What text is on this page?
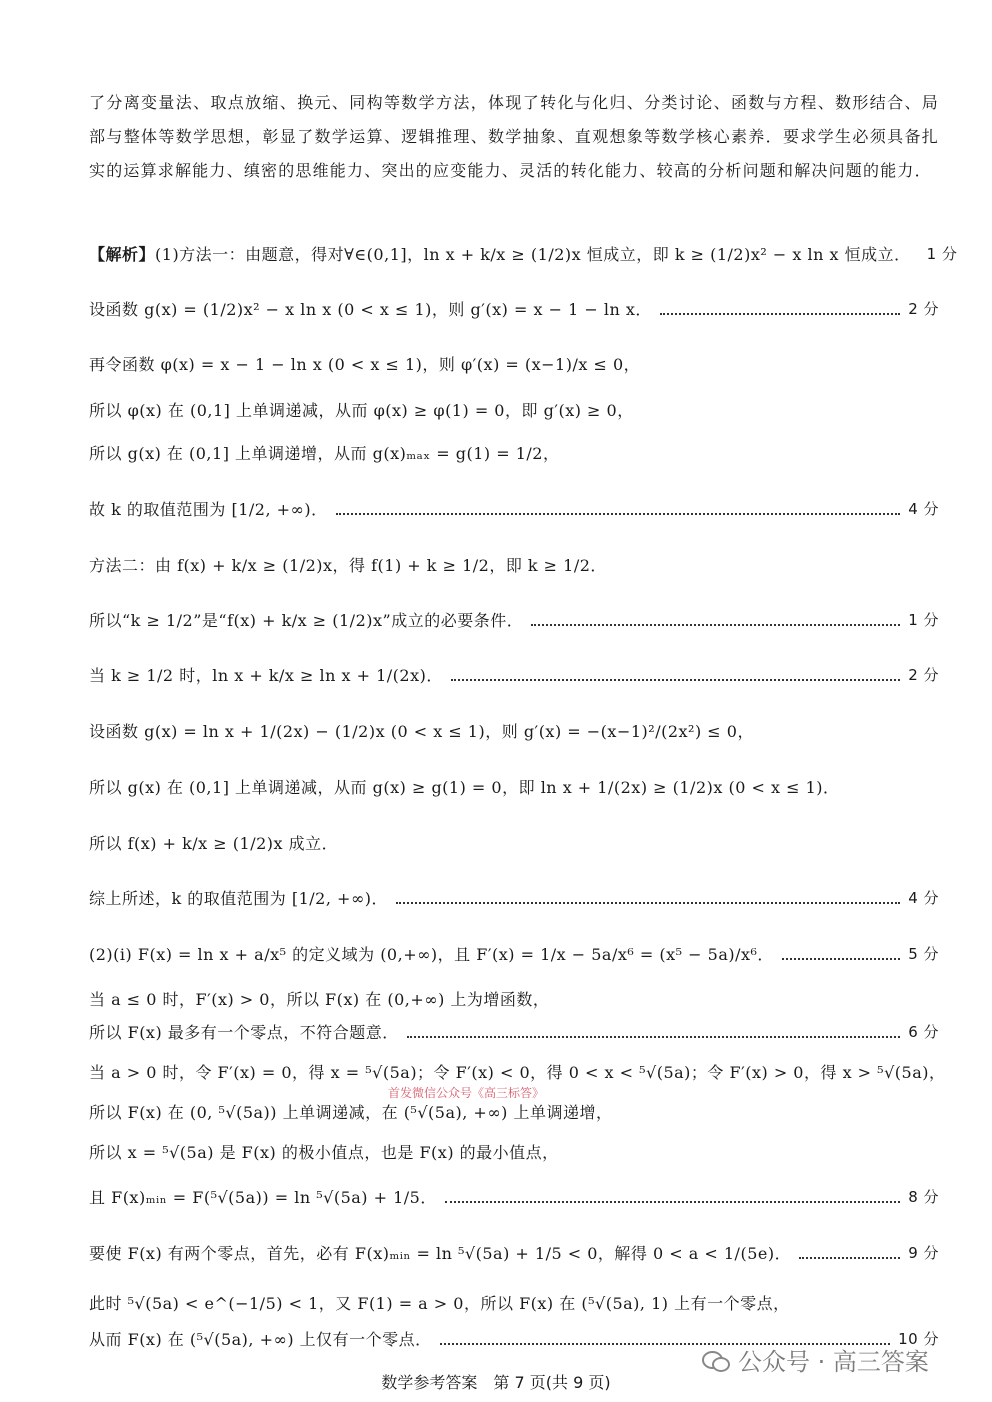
了分离变量法、取点放缩、换元、同构等数学方法，体现了转化与化归、分类讨论、函数与方程、数形结合、局部与整体等数学思想，彰显了数学运算、逻辑推理、数学抽象、直观想象等数学核心素养．要求学生必须具备扎实的运算求解能力、缜密的思维能力、突出的应变能力、灵活的转化能力、较高的分析问题和解决问题的能力．
【解析】 (1)方法一：由题意，得对∀∈(0,1]，ln x + k/x ≥ (1/2)x 恒成立，即 k ≥ (1/2)x² − x ln x 恒成立． 1 分
设函数 g(x) = (1/2)x² − x ln x (0 < x ≤ 1)，则 g′(x) = x − 1 − ln x．	2 分
再令函数 φ(x) = x − 1 − ln x (0 < x ≤ 1)，则 φ′(x) = (x−1)/x ≤ 0，
所以 φ(x) 在 (0,1] 上单调递减，从而 φ(x) ≥ φ(1) = 0，即 g′(x) ≥ 0，
所以 g(x) 在 (0,1] 上单调递增，从而 g(x)ₘₐₓ = g(1) = 1/2，
故 k 的取值范围为 [1/2, +∞)．	4 分
方法二：由 f(x) + k/x ≥ (1/2)x，得 f(1) + k ≥ 1/2，即 k ≥ 1/2．
所以“k ≥ 1/2”是“f(x) + k/x ≥ (1/2)x”成立的必要条件．	1 分
当 k ≥ 1/2 时，ln x + k/x ≥ ln x + 1/(2x)．	2 分
设函数 g(x) = ln x + 1/(2x) − (1/2)x (0 < x ≤ 1)，则 g′(x) = −(x−1)²/(2x²) ≤ 0，
所以 g(x) 在 (0,1] 上单调递减，从而 g(x) ≥ g(1) = 0，即 ln x + 1/(2x) ≥ (1/2)x (0 < x ≤ 1)．
所以 f(x) + k/x ≥ (1/2)x 成立．
综上所述，k 的取值范围为 [1/2, +∞)．	4 分
(2)(i) F(x) = ln x + a/x⁵ 的定义域为 (0,+∞)，且 F′(x) = 1/x − 5a/x⁶ = (x⁵ − 5a)/x⁶．	5 分
当 a ≤ 0 时，F′(x) > 0，所以 F(x) 在 (0,+∞) 上为增函数，
所以 F(x) 最多有一个零点，不符合题意．	6 分
当 a > 0 时，令 F′(x) = 0，得 x = ⁵√(5a)；令 F′(x) < 0，得 0 < x < ⁵√(5a)；令 F′(x) > 0，得 x > ⁵√(5a)，
首发微信公众号《高三标答》
所以 F(x) 在 (0, ⁵√(5a)) 上单调递减，在 (⁵√(5a), +∞) 上单调递增，
所以 x = ⁵√(5a) 是 F(x) 的极小值点，也是 F(x) 的最小值点，
且 F(x)ₘᵢₙ = F(⁵√(5a)) = ln ⁵√(5a) + 1/5．	8 分
要使 F(x) 有两个零点，首先，必有 F(x)ₘᵢₙ = ln ⁵√(5a) + 1/5 < 0，解得 0 < a < 1/(5e)．	9 分
此时 ⁵√(5a) < e^(−1/5) < 1，又 F(1) = a > 0，所以 F(x) 在 (⁵√(5a), 1) 上有一个零点，
从而 F(x) 在 (⁵√(5a), +∞) 上仅有一个零点．	10 分
公众号 · 高三答案
数学参考答案　第 7 页(共 9 页)
